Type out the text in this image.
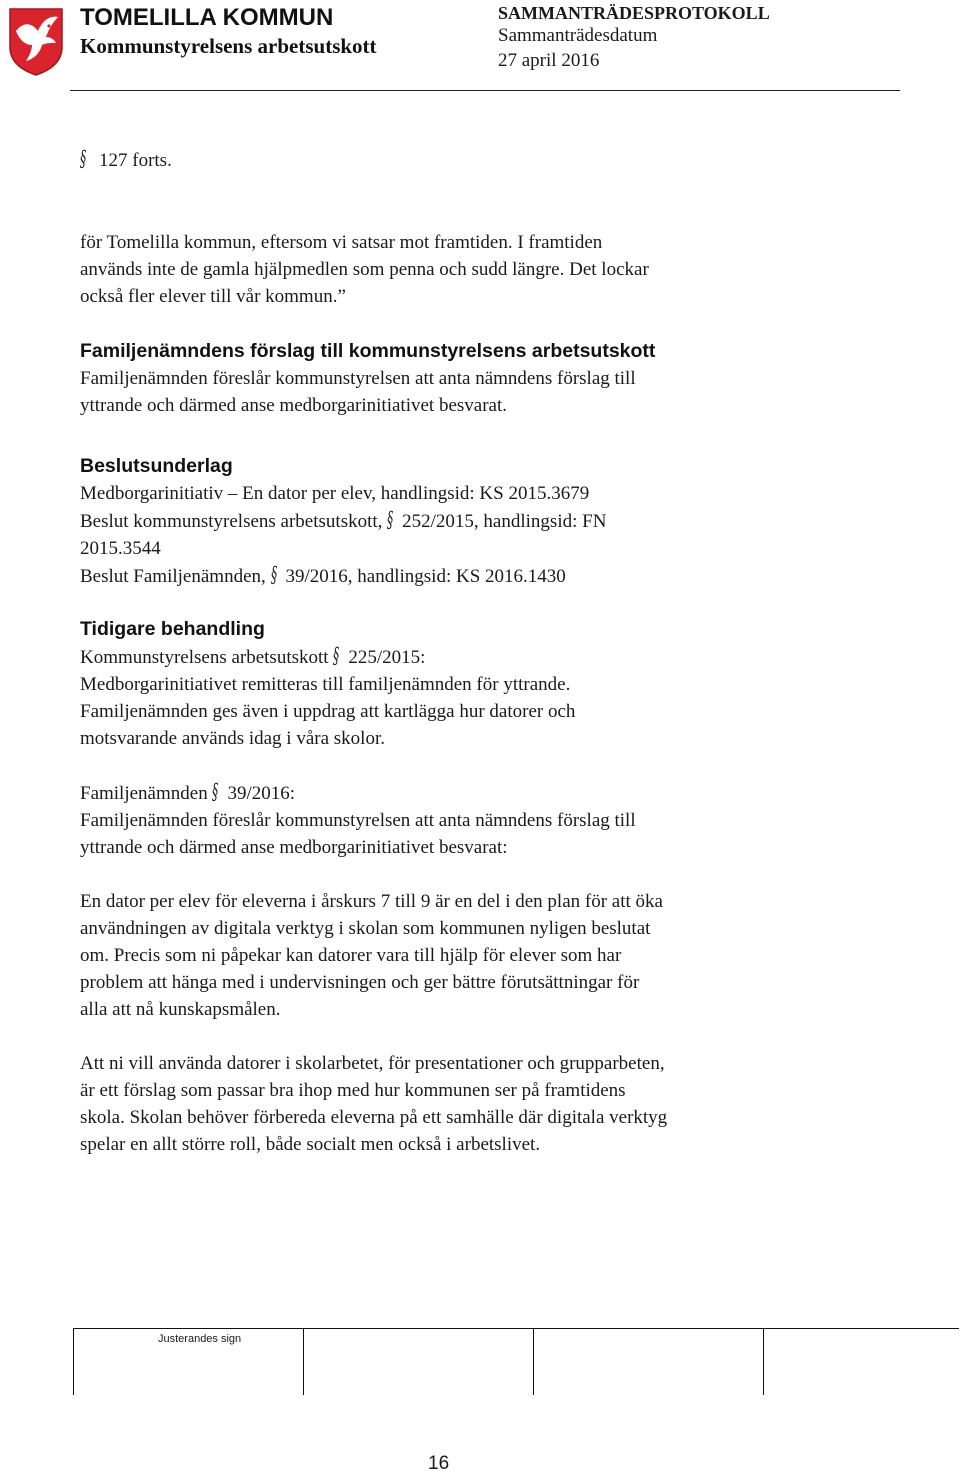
TOMELILLA KOMMUN
Kommunstyrelsens arbetsutskott
SAMMANTRÄDESPROTOKOLL
Sammanträdesdatum
27 april 2016

§ 127 forts.

för Tomelilla kommun, eftersom vi satsar mot framtiden. I framtiden

används inte de gamla hjälpmedlen som penna och sudd längre. Det lockar

också fler elever till vår kommun.”

Familjenämndens förslag till kommunstyrelsens arbetsutskott

Familjenämnden föreslår kommunstyrelsen att anta nämndens förslag till

yttrande och därmed anse medborgarinitiativet besvarat.

Beslutsunderlag

Medborgarinitiativ – En dator per elev, handlingsid: KS 2015.3679

Beslut kommunstyrelsens arbetsutskott, § 252/2015, handlingsid: FN

2015.3544

Beslut Familjenämnden, § 39/2016, handlingsid: KS 2016.1430

Tidigare behandling

Kommunstyrelsens arbetsutskott § 225/2015:

Medborgarinitiativet remitteras till familjenämnden för yttrande.

Familjenämnden ges även i uppdrag att kartlägga hur datorer och

motsvarande används idag i våra skolor.

Familjenämnden § 39/2016:

Familjenämnden föreslår kommunstyrelsen att anta nämndens förslag till

yttrande och därmed anse medborgarinitiativet besvarat:

En dator per elev för eleverna i årskurs 7 till 9 är en del i den plan för att öka

användningen av digitala verktyg i skolan som kommunen nyligen beslutat

om. Precis som ni påpekar kan datorer vara till hjälp för elever som har

problem att hänga med i undervisningen och ger bättre förutsättningar för

alla att nå kunskapsmålen.

Att ni vill använda datorer i skolarbetet, för presentationer och grupparbeten,

är ett förslag som passar bra ihop med hur kommunen ser på framtidens

skola. Skolan behöver förbereda eleverna på ett samhälle där digitala verktyg

spelar en allt större roll, både socialt men också i arbetslivet.

Justerandes sign
16
